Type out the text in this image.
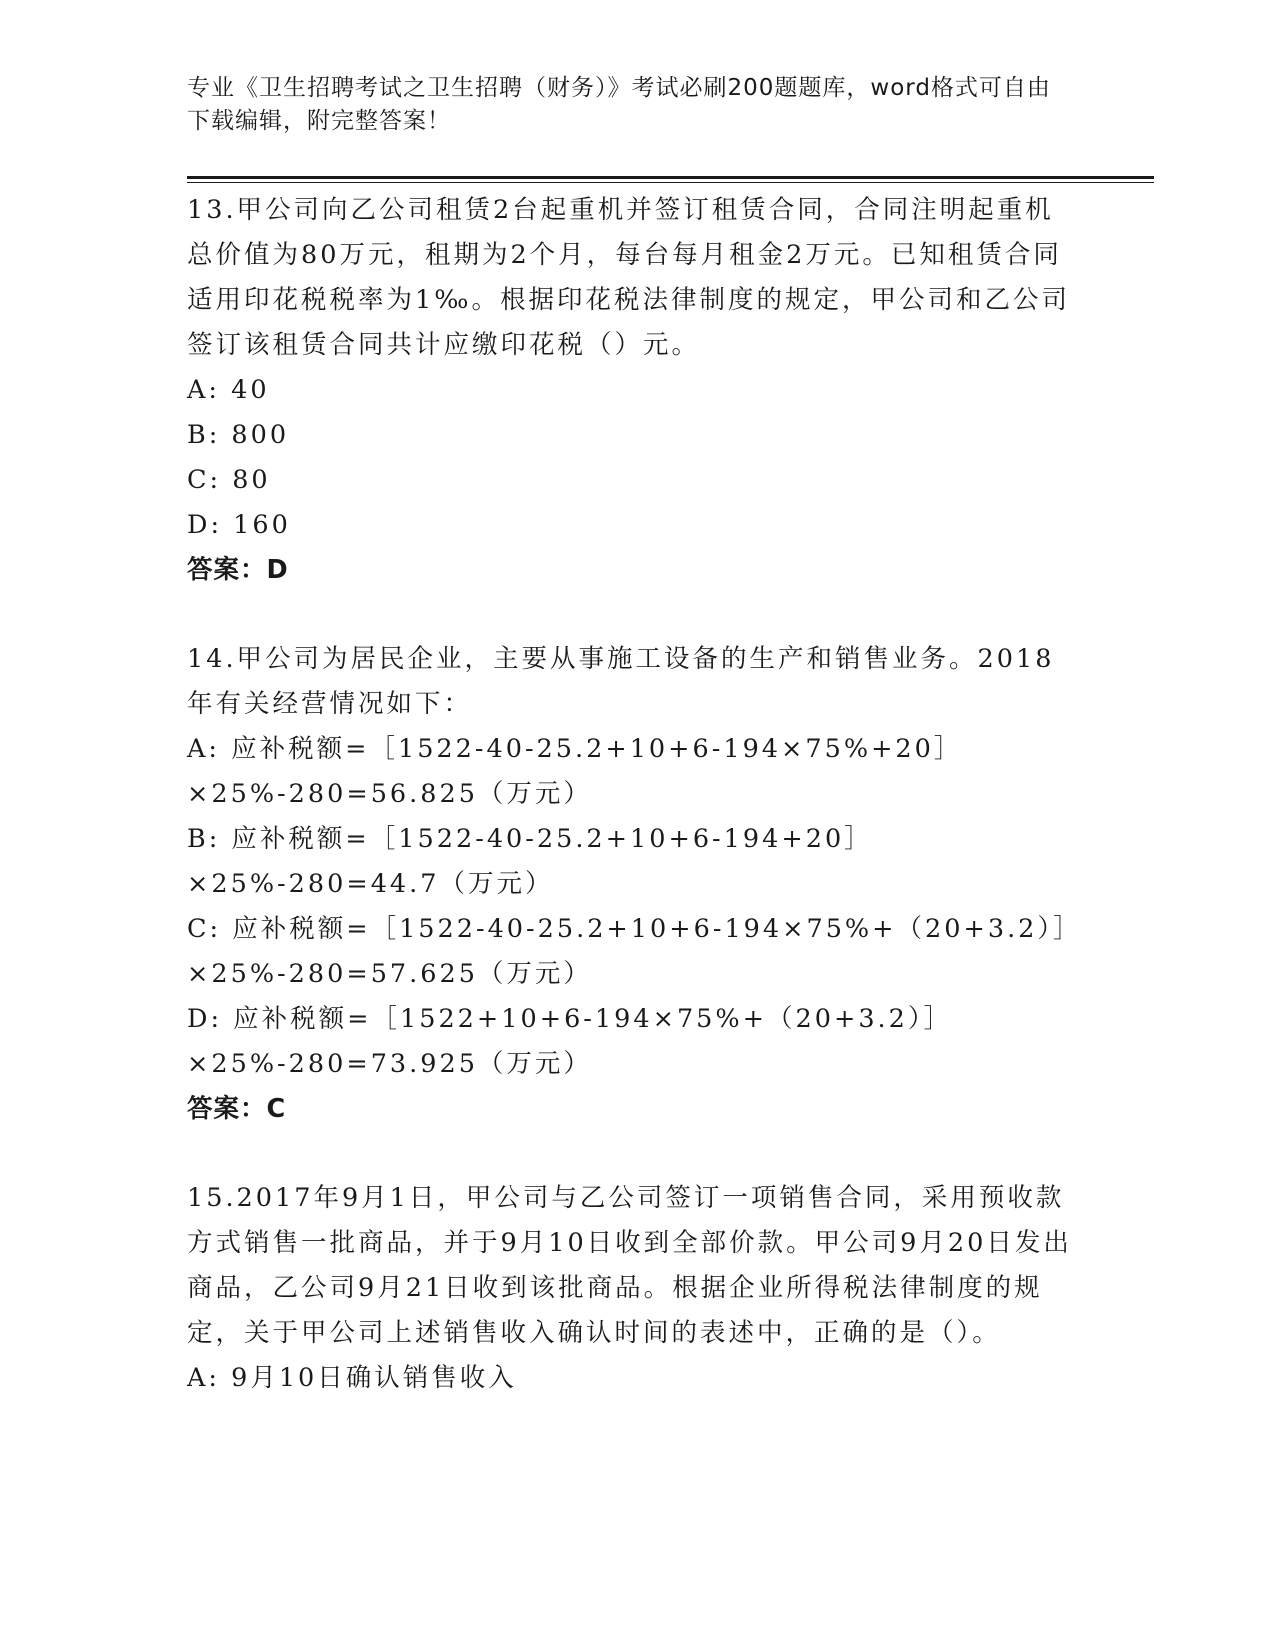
专业《卫生招聘考试之卫生招聘（财务）》考试必刷200题题库，word格式可自由下载编辑，附完整答案！

13.甲公司向乙公司租赁2台起重机并签订租赁合同，合同注明起重机总价值为80万元，租期为2个月，每台每月租金2万元。已知租赁合同适用印花税税率为1‰。根据印花税法律制度的规定，甲公司和乙公司签订该租赁合同共计应缴印花税（）元。

A: 40

B: 800

C: 80

D: 160

答案：D

14.甲公司为居民企业，主要从事施工设备的生产和销售业务。2018年有关经营情况如下：

A: 应补税额=［1522-40-25.2+10+6-194×75%+20］×25%-280=56.825（万元）

B: 应补税额=［1522-40-25.2+10+6-194+20］×25%-280=44.7（万元）

C: 应补税额=［1522-40-25.2+10+6-194×75%+（20+3.2）］×25%-280=57.625（万元）

D: 应补税额=［1522+10+6-194×75%+（20+3.2）］×25%-280=73.925（万元）

答案：C

15.2017年9月1日，甲公司与乙公司签订一项销售合同，采用预收款方式销售一批商品，并于9月10日收到全部价款。甲公司9月20日发出商品，乙公司9月21日收到该批商品。根据企业所得税法律制度的规定，关于甲公司上述销售收入确认时间的表述中，正确的是（）。

A: 9月10日确认销售收入
